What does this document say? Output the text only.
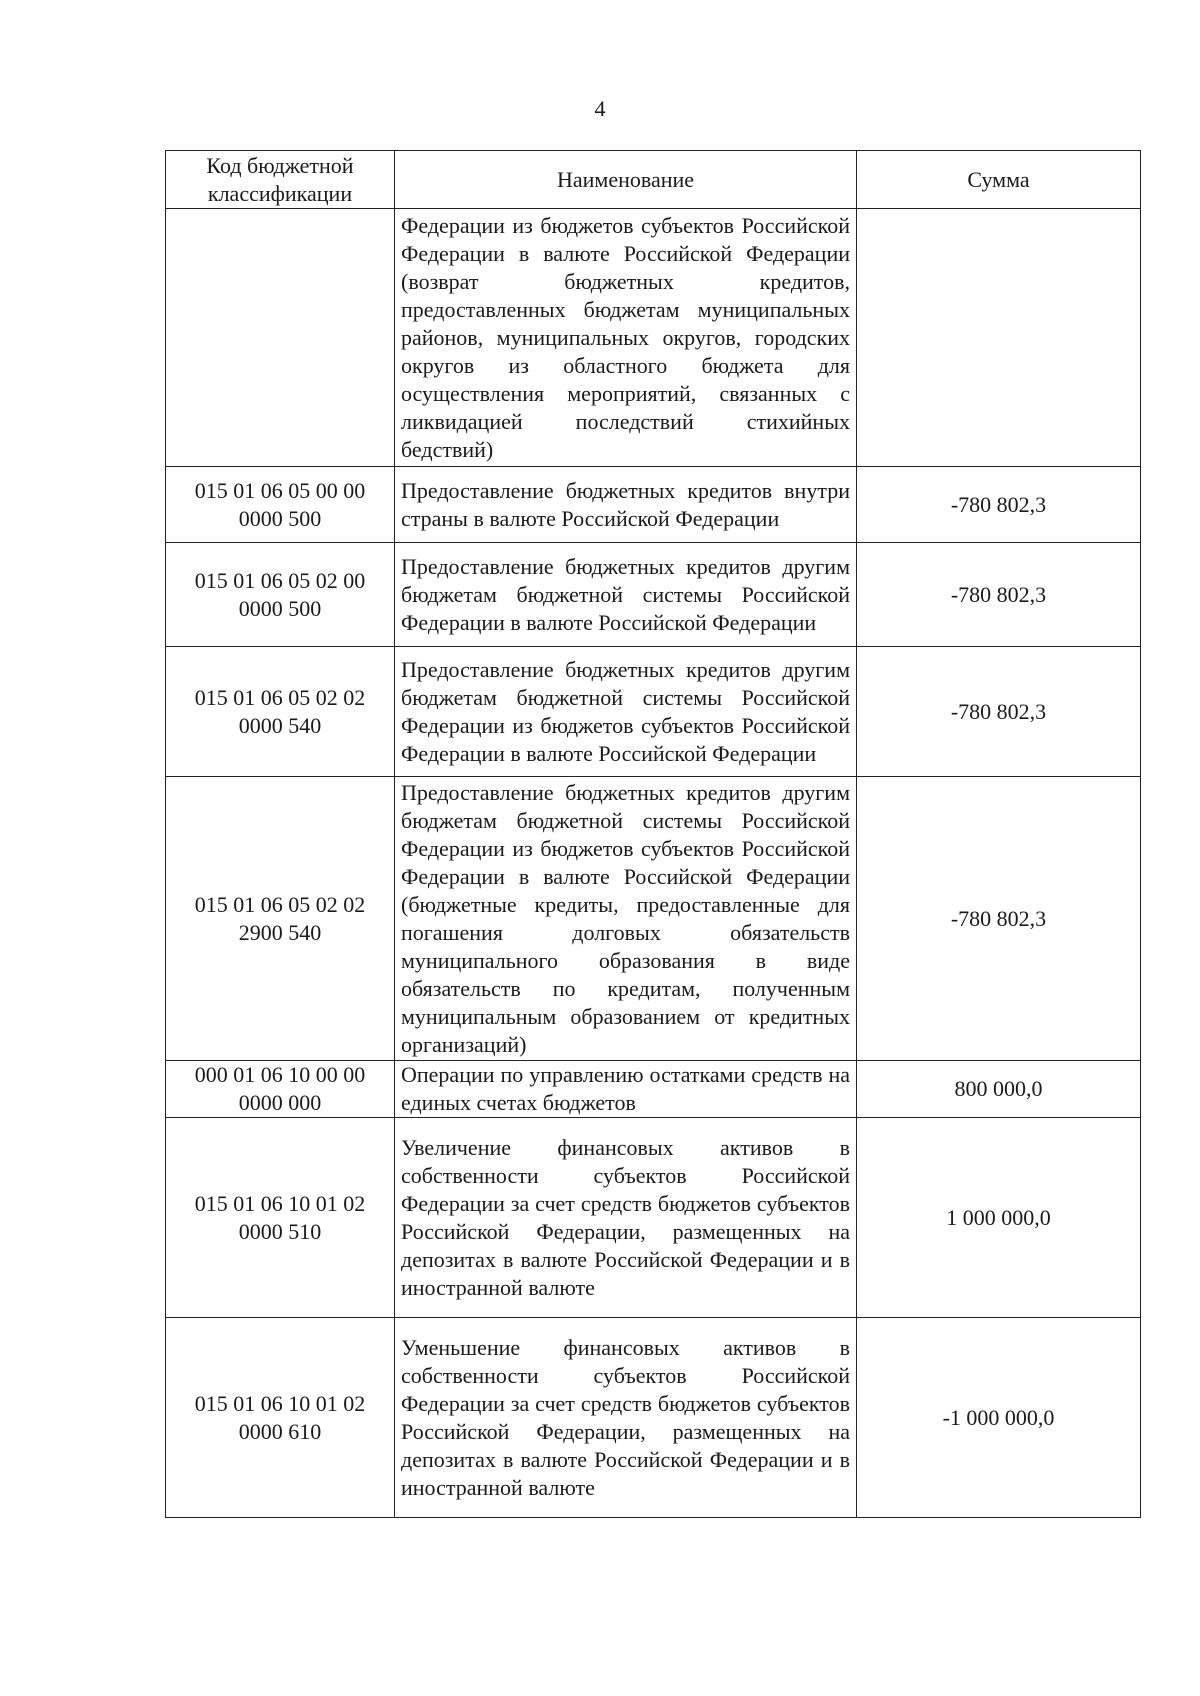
4
Код бюджетной классификации	Наименование	Сумма
	Федерации из бюджетов субъектов Российской Федерации в валюте Российской Федерации (возврат бюджетных кредитов, предоставленных бюджетам муниципальных районов, муниципальных округов, городских округов из областного бюджета для осуществления мероприятий, связанных с ликвидацией последствий стихийных бедствий)	
015 01 06 05 00 00 0000 500	Предоставление бюджетных кредитов внутри страны в валюте Российской Федерации	-780 802,3
015 01 06 05 02 00 0000 500	Предоставление бюджетных кредитов другим бюджетам бюджетной системы Российской Федерации в валюте Российской Федерации	-780 802,3
015 01 06 05 02 02 0000 540	Предоставление бюджетных кредитов другим бюджетам бюджетной системы Российской Федерации из бюджетов субъектов Российской Федерации в валюте Российской Федерации	-780 802,3
015 01 06 05 02 02 2900 540	Предоставление бюджетных кредитов другим бюджетам бюджетной системы Российской Федерации из бюджетов субъектов Российской Федерации в валюте Российской Федерации (бюджетные кредиты, предоставленные для погашения долговых обязательств муниципального образования в виде обязательств по кредитам, полученным муниципальным образованием от кредитных организаций)	-780 802,3
000 01 06 10 00 00 0000 000	Операции по управлению остатками средств на единых счетах бюджетов	800 000,0
015 01 06 10 01 02 0000 510	Увеличение финансовых активов в собственности субъектов Российской Федерации за счет средств бюджетов субъектов Российской Федерации, размещенных на депозитах в валюте Российской Федерации и в иностранной валюте	1 000 000,0
015 01 06 10 01 02 0000 610	Уменьшение финансовых активов в собственности субъектов Российской Федерации за счет средств бюджетов субъектов Российской Федерации, размещенных на депозитах в валюте Российской Федерации и в иностранной валюте	-1 000 000,0
